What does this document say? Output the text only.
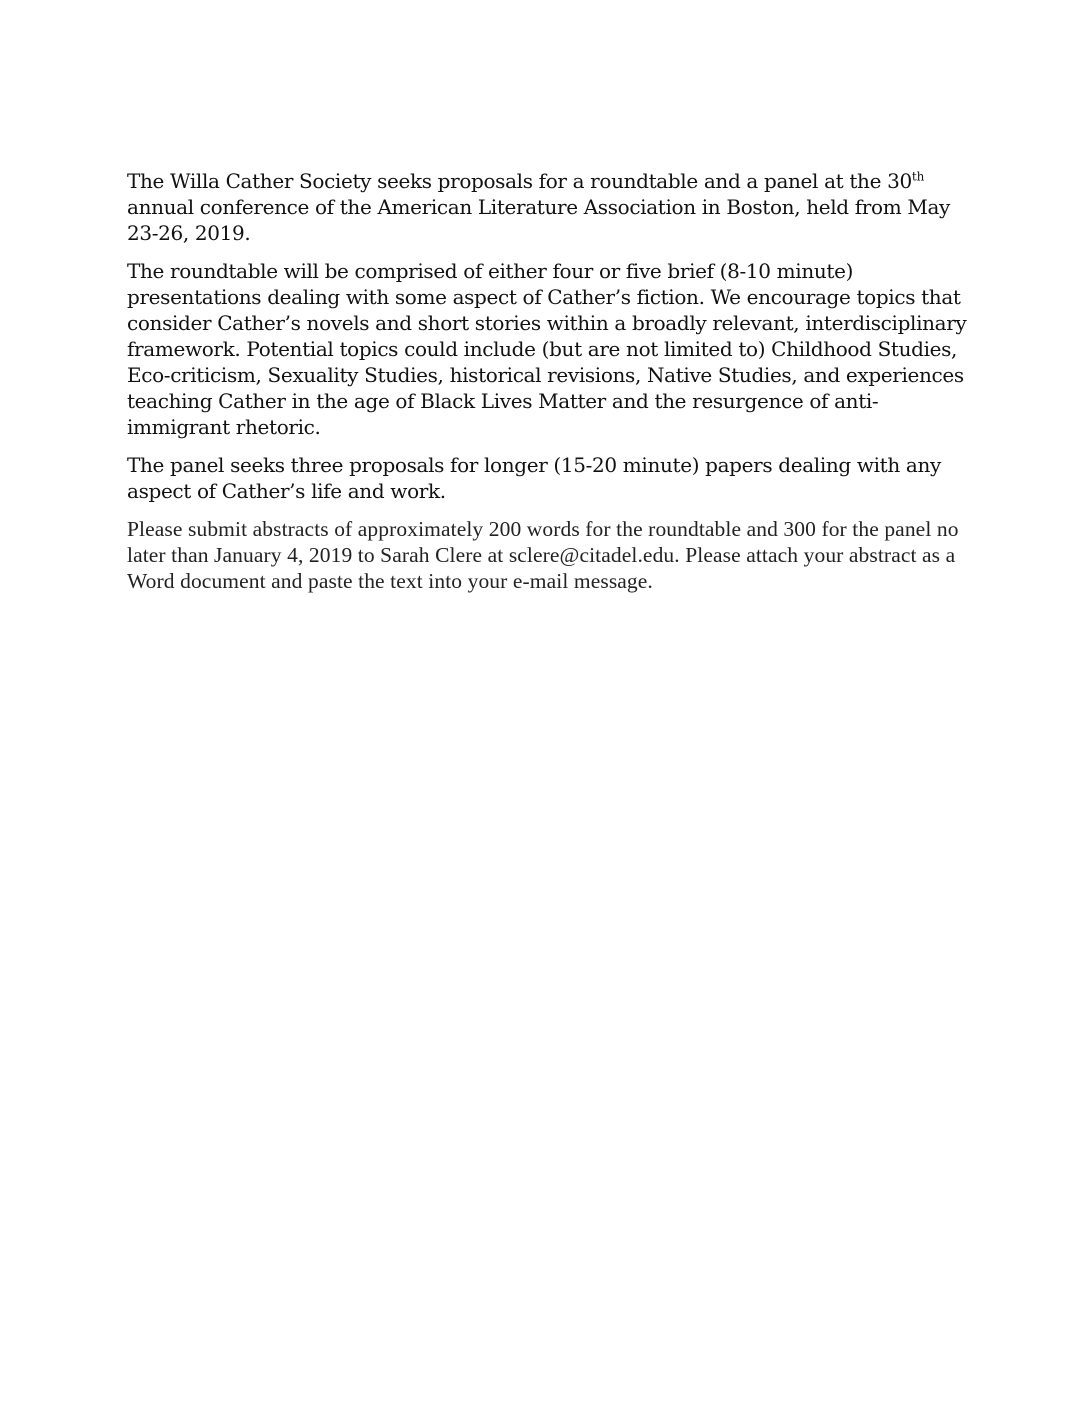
The Willa Cather Society seeks proposals for a roundtable and a panel at the 30th annual conference of the American Literature Association in Boston, held from May 23-26, 2019.

The roundtable will be comprised of either four or five brief (8-10 minute) presentations dealing with some aspect of Cather’s fiction. We encourage topics that consider Cather’s novels and short stories within a broadly relevant, interdisciplinary framework. Potential topics could include (but are not limited to) Childhood Studies, Eco-criticism, Sexuality Studies, historical revisions, Native Studies, and experiences teaching Cather in the age of Black Lives Matter and the resurgence of anti-immigrant rhetoric.

The panel seeks three proposals for longer (15-20 minute) papers dealing with any aspect of Cather’s life and work.

Please submit abstracts of approximately 200 words for the roundtable and 300 for the panel no later than January 4, 2019 to Sarah Clere at sclere@citadel.edu. Please attach your abstract as a Word document and paste the text into your e-mail message.
